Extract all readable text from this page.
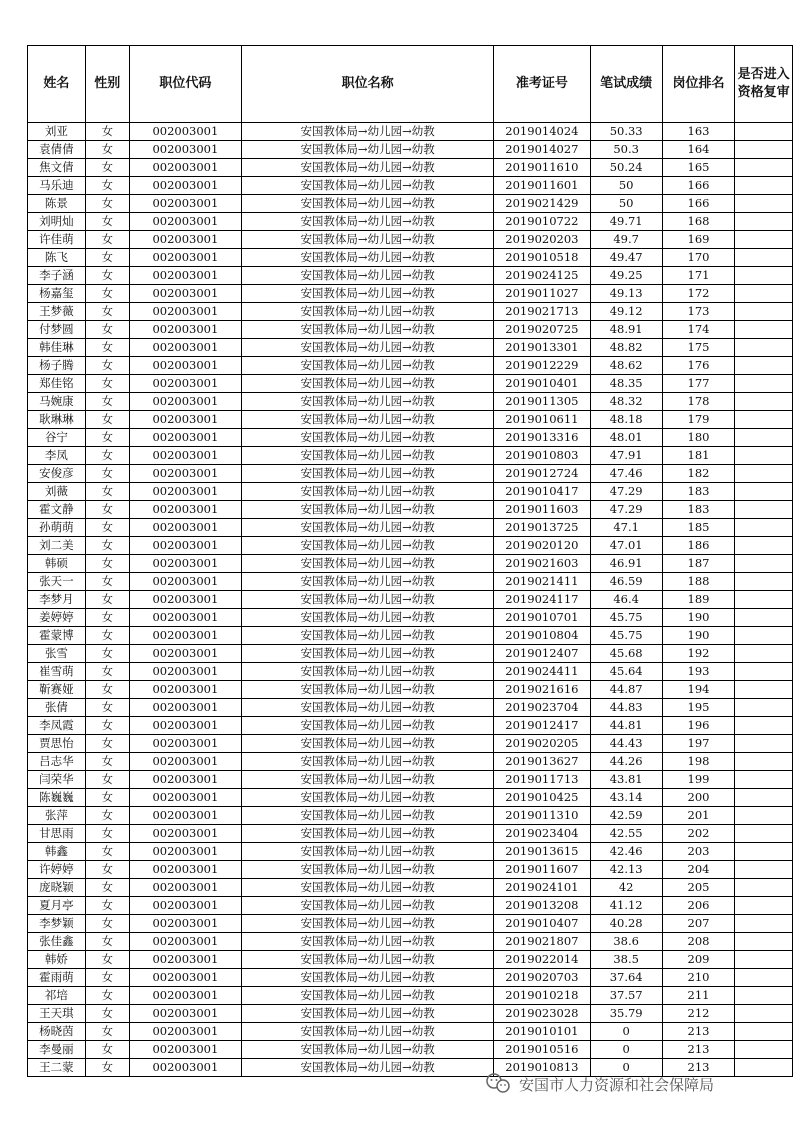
姓名	性别	职位代码	职位名称	准考证号	笔试成绩	岗位排名	是否进入资格复审
刘亚	女	002003001	安国教体局→幼儿园→幼教	2019014024	50.33	163	
袁倩倩	女	002003001	安国教体局→幼儿园→幼教	2019014027	50.3	164	
焦文倩	女	002003001	安国教体局→幼儿园→幼教	2019011610	50.24	165	
马乐迪	女	002003001	安国教体局→幼儿园→幼教	2019011601	50	166	
陈景	女	002003001	安国教体局→幼儿园→幼教	2019021429	50	166	
刘明灿	女	002003001	安国教体局→幼儿园→幼教	2019010722	49.71	168	
许佳萌	女	002003001	安国教体局→幼儿园→幼教	2019020203	49.7	169	
陈飞	女	002003001	安国教体局→幼儿园→幼教	2019010518	49.47	170	
李子涵	女	002003001	安国教体局→幼儿园→幼教	2019024125	49.25	171	
杨嘉玺	女	002003001	安国教体局→幼儿园→幼教	2019011027	49.13	172	
王梦薇	女	002003001	安国教体局→幼儿园→幼教	2019021713	49.12	173	
付梦圆	女	002003001	安国教体局→幼儿园→幼教	2019020725	48.91	174	
韩佳琳	女	002003001	安国教体局→幼儿园→幼教	2019013301	48.82	175	
杨子腾	女	002003001	安国教体局→幼儿园→幼教	2019012229	48.62	176	
郑佳铭	女	002003001	安国教体局→幼儿园→幼教	2019010401	48.35	177	
马婉康	女	002003001	安国教体局→幼儿园→幼教	2019011305	48.32	178	
耿琳琳	女	002003001	安国教体局→幼儿园→幼教	2019010611	48.18	179	
谷宁	女	002003001	安国教体局→幼儿园→幼教	2019013316	48.01	180	
李凤	女	002003001	安国教体局→幼儿园→幼教	2019010803	47.91	181	
安俊彦	女	002003001	安国教体局→幼儿园→幼教	2019012724	47.46	182	
刘薇	女	002003001	安国教体局→幼儿园→幼教	2019010417	47.29	183	
霍文静	女	002003001	安国教体局→幼儿园→幼教	2019011603	47.29	183	
孙萌萌	女	002003001	安国教体局→幼儿园→幼教	2019013725	47.1	185	
刘二美	女	002003001	安国教体局→幼儿园→幼教	2019020120	47.01	186	
韩硕	女	002003001	安国教体局→幼儿园→幼教	2019021603	46.91	187	
张天一	女	002003001	安国教体局→幼儿园→幼教	2019021411	46.59	188	
李梦月	女	002003001	安国教体局→幼儿园→幼教	2019024117	46.4	189	
姜婷婷	女	002003001	安国教体局→幼儿园→幼教	2019010701	45.75	190	
霍蒙博	女	002003001	安国教体局→幼儿园→幼教	2019010804	45.75	190	
张雪	女	002003001	安国教体局→幼儿园→幼教	2019012407	45.68	192	
崔雪萌	女	002003001	安国教体局→幼儿园→幼教	2019024411	45.64	193	
靳赛娅	女	002003001	安国教体局→幼儿园→幼教	2019021616	44.87	194	
张倩	女	002003001	安国教体局→幼儿园→幼教	2019023704	44.83	195	
李凤霞	女	002003001	安国教体局→幼儿园→幼教	2019012417	44.81	196	
贾思怡	女	002003001	安国教体局→幼儿园→幼教	2019020205	44.43	197	
吕志华	女	002003001	安国教体局→幼儿园→幼教	2019013627	44.26	198	
闫荣华	女	002003001	安国教体局→幼儿园→幼教	2019011713	43.81	199	
陈巍巍	女	002003001	安国教体局→幼儿园→幼教	2019010425	43.14	200	
张萍	女	002003001	安国教体局→幼儿园→幼教	2019011310	42.59	201	
甘思雨	女	002003001	安国教体局→幼儿园→幼教	2019023404	42.55	202	
韩鑫	女	002003001	安国教体局→幼儿园→幼教	2019013615	42.46	203	
许婷婷	女	002003001	安国教体局→幼儿园→幼教	2019011607	42.13	204	
庞晓颖	女	002003001	安国教体局→幼儿园→幼教	2019024101	42	205	
夏月亭	女	002003001	安国教体局→幼儿园→幼教	2019013208	41.12	206	
李梦颖	女	002003001	安国教体局→幼儿园→幼教	2019010407	40.28	207	
张佳鑫	女	002003001	安国教体局→幼儿园→幼教	2019021807	38.6	208	
韩娇	女	002003001	安国教体局→幼儿园→幼教	2019022014	38.5	209	
霍雨萌	女	002003001	安国教体局→幼儿园→幼教	2019020703	37.64	210	
祁培	女	002003001	安国教体局→幼儿园→幼教	2019010218	37.57	211	
王天琪	女	002003001	安国教体局→幼儿园→幼教	2019023028	35.79	212	
杨晓茵	女	002003001	安国教体局→幼儿园→幼教	2019010101	0	213	
李曼丽	女	002003001	安国教体局→幼儿园→幼教	2019010516	0	213	
王二蒙	女	002003001	安国教体局→幼儿园→幼教	2019010813	0	213	
安国市人力资源和社会保障局
